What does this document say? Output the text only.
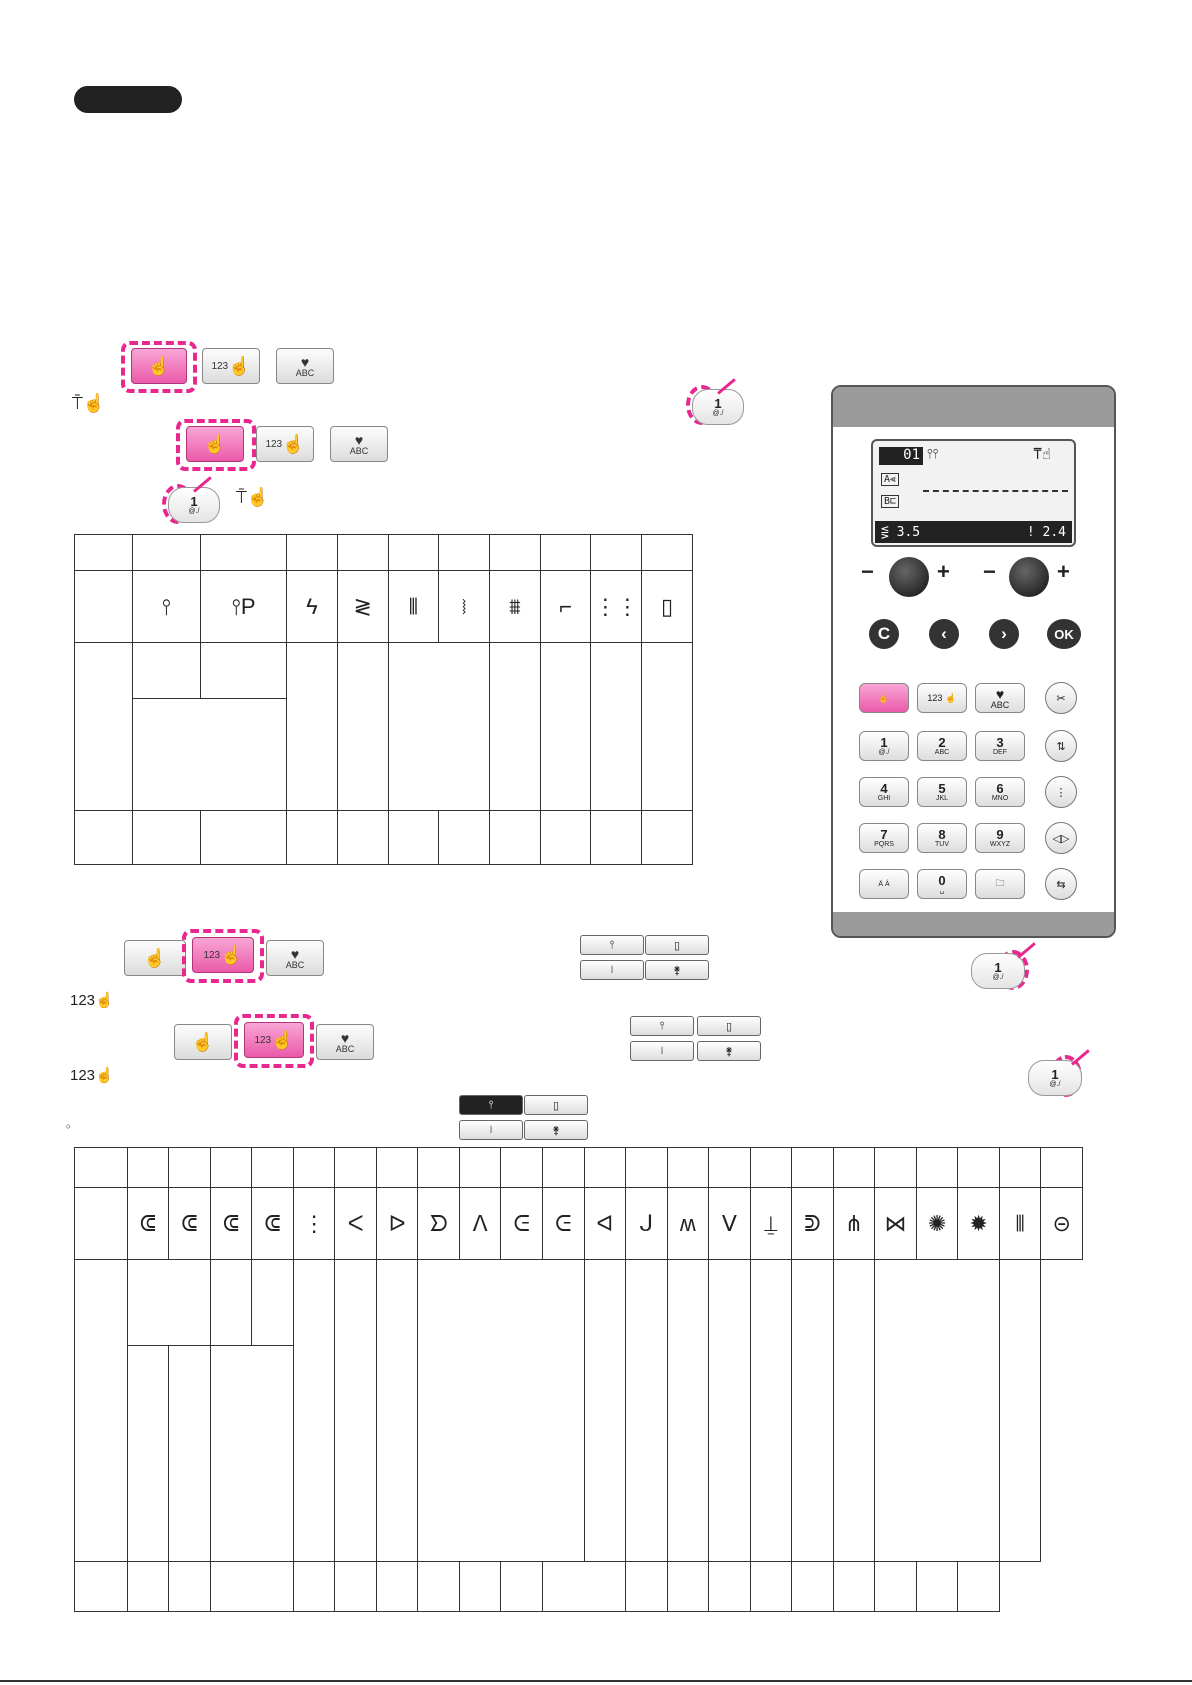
☝	123 ☝	♥
ABC
⍑☝	1
@./
☝	123 ☝	♥
ABC
1
@./
⍑☝

	⫯	⫯P	ϟ	≷	⦀	⧘	⩩	⌐	⋮⋮	▯

01 ⫯⫯	⍑☝
A⫷
B⊏
⋚ 3.5	! 2.4
−	+ −	+
C	‹	›	OK
☝	123 ☝	♥
ABC	✂
1
@./
2
ABC
3
DEF	⇅
4
GHI
5
JKL
6
MNO	⋮
7
PQRS
8
TUV
9
WXYZ	◁▷
Ä Á	0
␣
🗀	⇆
1
@./
☝	123 ☝	♥
ABC
123☝
⫯	▯
⧘	⚵
☝	123 ☝	♥
ABC
123☝
⫯	▯
⧘	⚵
1
@./
。
⫯	▯
⧘	⚵

	ᕳ	ᕳ	ᕳ	ᕳ	⋮	ᐸ	ᐅ	ᗤ	ᐱ	ᕮ	ᕮ	ᐊ	ᒍ	ʍ	ᐯ	⍊	ᕲ	⋔	⋈	✺	✹	⦀	⊝
